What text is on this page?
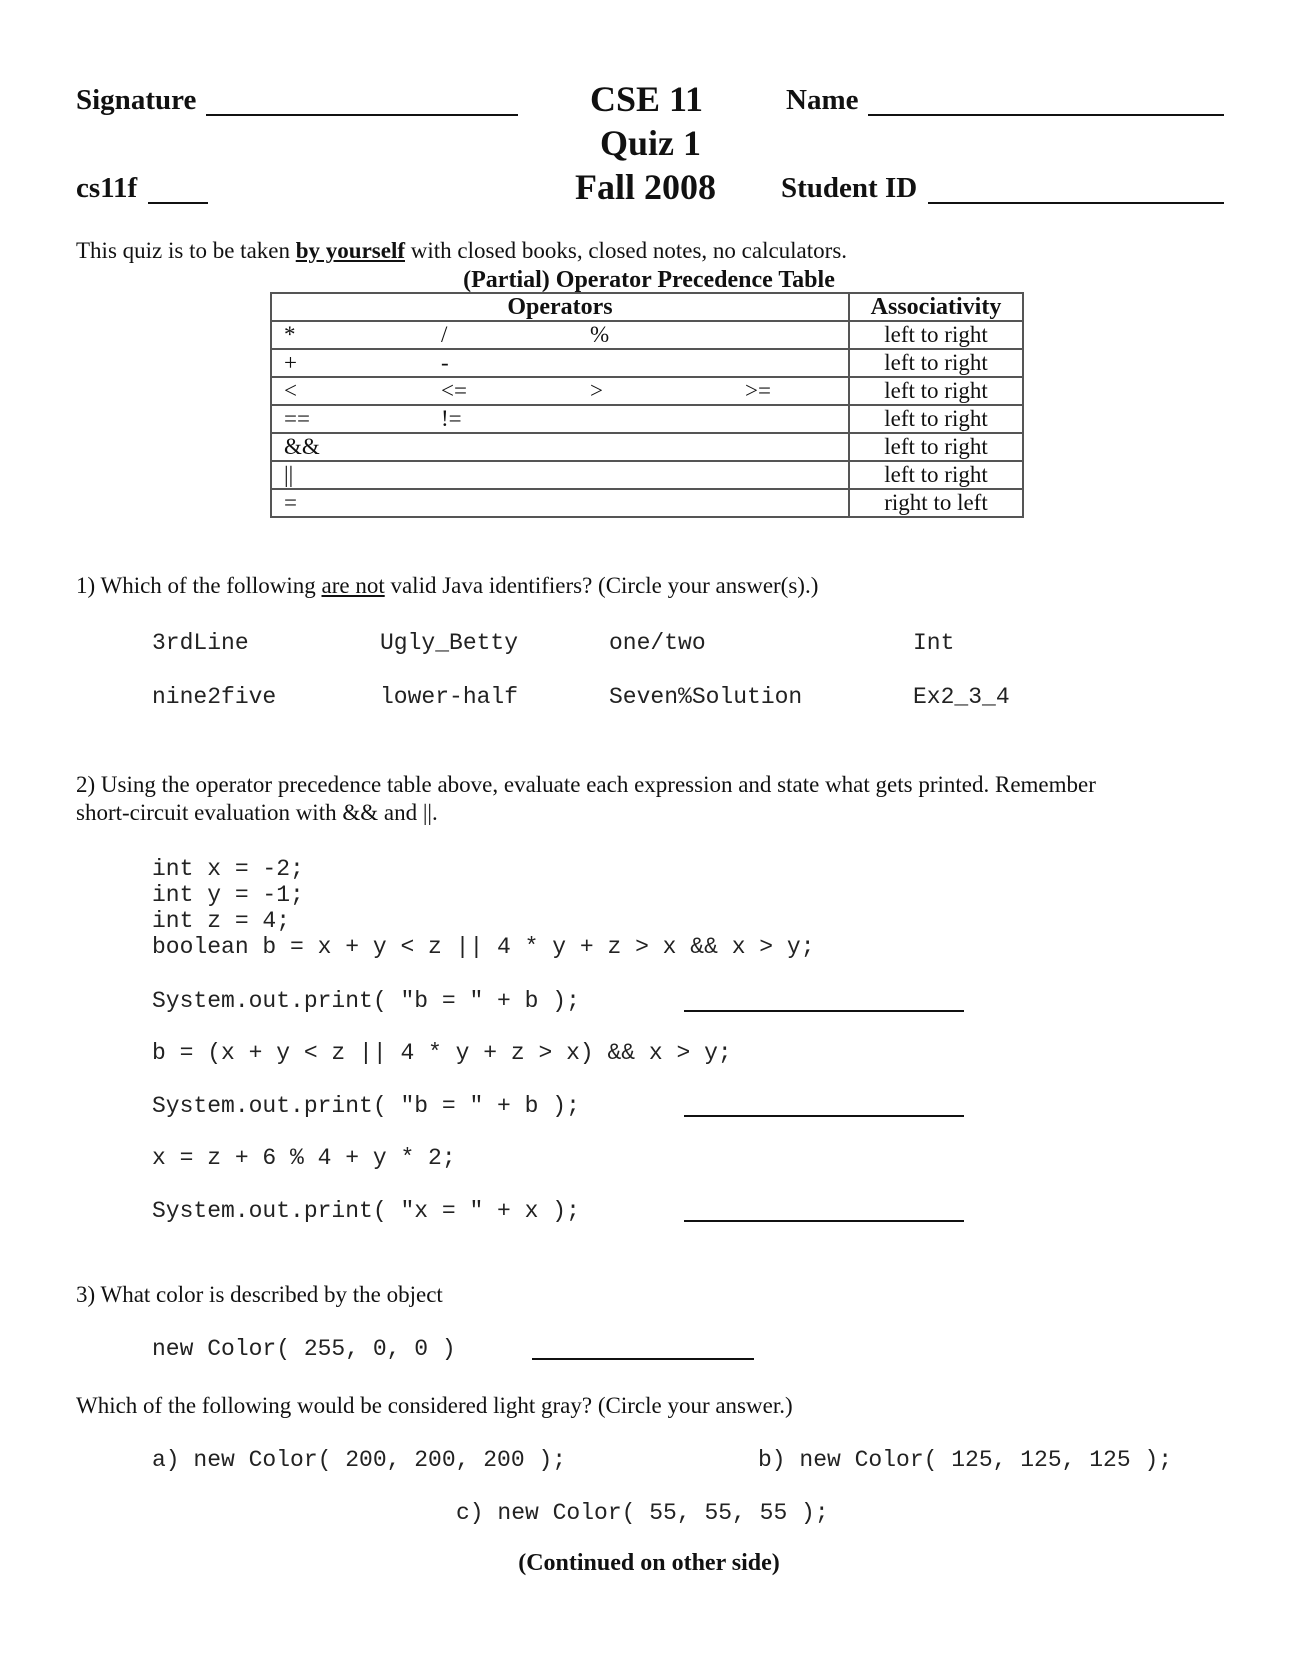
Signature
cs11f
CSE 11
Quiz 1
Fall 2008
Name
Student ID
This quiz is to be taken by yourself with closed books, closed notes, no calculators.
(Partial) Operator Precedence Table
Operators	Associativity

* / %	left to right

+ -	left to right

< <= > >=	left to right

== !=	left to right

&&	left to right

||	left to right

=	right to left
1) Which of the following are not valid Java identifiers? (Circle your answer(s).)
3rdLine	Ugly_Betty	one/two	Int
nine2five	lower-half	Seven%Solution	Ex2_3_4
2) Using the operator precedence table above, evaluate each expression and state what gets printed. Remember
short-circuit evaluation with && and ||.
int x = -2;
int y = -1;
int z = 4;
boolean b = x + y < z || 4 * y + z > x && x > y;
System.out.print( "b = " + b );
b = (x + y < z || 4 * y + z > x) && x > y;
System.out.print( "b = " + b );
x = z + 6 % 4 + y * 2;
System.out.print( "x = " + x );
3) What color is described by the object
new Color( 255, 0, 0 )
Which of the following would be considered light gray? (Circle your answer.)
a) new Color( 200, 200, 200 );	b) new Color( 125, 125, 125 );
c) new Color( 55, 55, 55 );
(Continued on other side)
